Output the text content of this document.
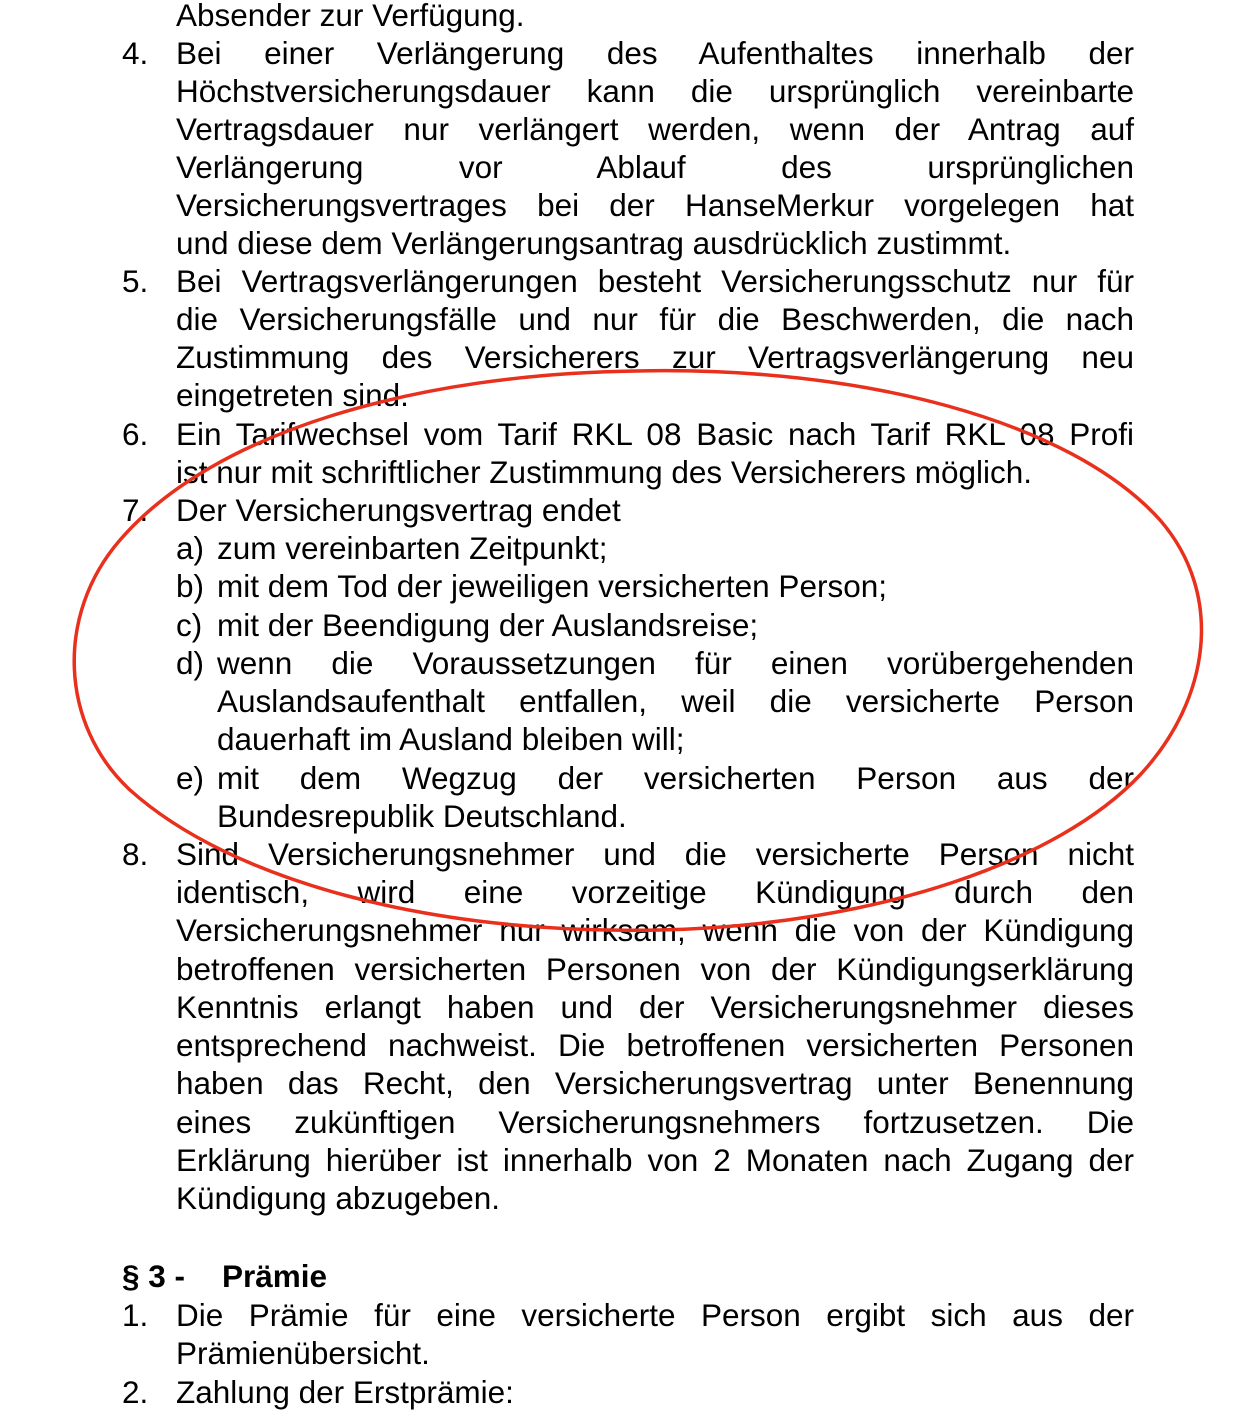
Absender zur Verfügung.
4. Bei einer Verlängerung des Aufenthaltes innerhalb der
Höchstversicherungsdauer kann die ursprünglich vereinbarte
Vertragsdauer nur verlängert werden, wenn der Antrag auf
Verlängerung vor Ablauf des ursprünglichen
Versicherungsvertrages bei der HanseMerkur vorgelegen hat
und diese dem Verlängerungsantrag ausdrücklich zustimmt.
5. Bei Vertragsverlängerungen besteht Versicherungsschutz nur für
die Versicherungsfälle und nur für die Beschwerden, die nach
Zustimmung des Versicherers zur Vertragsverlängerung neu
eingetreten sind.
6. Ein Tarifwechsel vom Tarif RKL 08 Basic nach Tarif RKL 08 Profi
ist nur mit schriftlicher Zustimmung des Versicherers möglich.
7. Der Versicherungsvertrag endet
a) zum vereinbarten Zeitpunkt;
b) mit dem Tod der jeweiligen versicherten Person;
c) mit der Beendigung der Auslandsreise;
d) wenn die Voraussetzungen für einen vorübergehenden
Auslandsaufenthalt entfallen, weil die versicherte Person
dauerhaft im Ausland bleiben will;
e) mit dem Wegzug der versicherten Person aus der
Bundesrepublik Deutschland.
8. Sind Versicherungsnehmer und die versicherte Person nicht
identisch, wird eine vorzeitige Kündigung durch den
Versicherungsnehmer nur wirksam, wenn die von der Kündigung
betroffenen versicherten Personen von der Kündigungserklärung
Kenntnis erlangt haben und der Versicherungsnehmer dieses
entsprechend nachweist. Die betroffenen versicherten Personen
haben das Recht, den Versicherungsvertrag unter Benennung
eines zukünftigen Versicherungsnehmers fortzusetzen. Die
Erklärung hierüber ist innerhalb von 2 Monaten nach Zugang der
Kündigung abzugeben.
§ 3 - Prämie
1. Die Prämie für eine versicherte Person ergibt sich aus der
Prämienübersicht.
2. Zahlung der Erstprämie:
